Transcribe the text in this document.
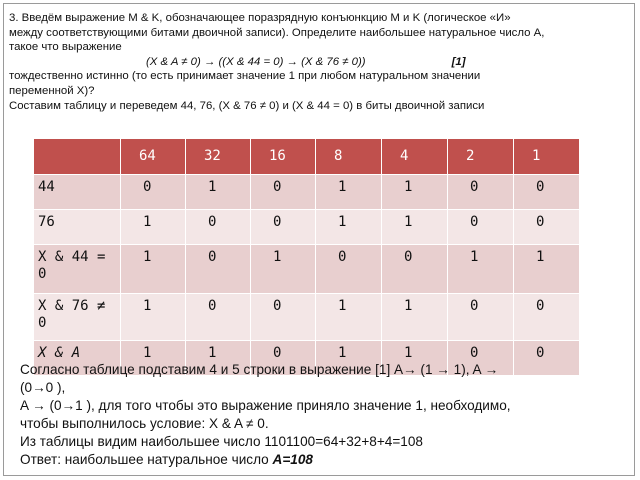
3. Введём выражение M & K, обозначающее поразрядную конъюнкцию M и K (логическое «И»

между соответствующими битами двоичной записи). Определите наибольшее натуральное число A,

такое что выражение

(X & A ≠ 0) → ((X & 44 = 0) → (X & 76 ≠ 0))	[1]

тождественно истинно (то есть принимает значение 1 при любом натуральном значении

переменной X)?

Составим таблицу и переведем 44, 76, (X & 76 ≠ 0) и (X & 44 = 0) в биты двоичной записи

	64	32	16	8	4	2	1

44	0	1	0	1	1	0	0

76	1	0	0	1	1	0	0

X & 44 = 0	1	0	1	0	0	1	1

X & 76 ≠ 0	1	0	0	1	1	0	0

X & A	1	1	0	1	1	0	0

Согласно таблице подставим 4 и 5 строки в выражение [1] A→ (1 → 1), A →

(0→0 ),

A → (0→1 ), для того чтобы это выражение приняло значение 1, необходимо,

чтобы выполнилось условие: X & A ≠ 0.

Из таблицы видим наибольшее число 1101100=64+32+8+4=108

Ответ: наибольшее натуральное число A=108
